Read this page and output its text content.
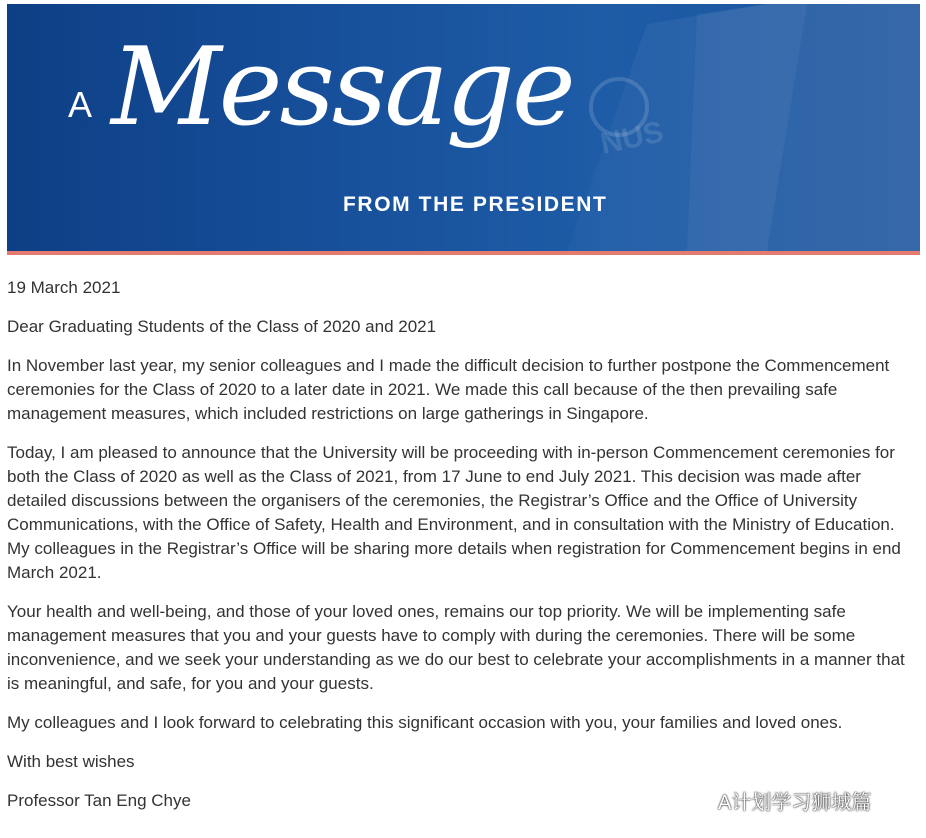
NUS
A Message
FROM THE PRESIDENT

19 March 2021

Dear Graduating Students of the Class of 2020 and 2021

In November last year, my senior colleagues and I made the difficult decision to further postpone the Commencement ceremonies for the Class of 2020 to a later date in 2021. We made this call because of the then prevailing safe management measures, which included restrictions on large gatherings in Singapore.

Today, I am pleased to announce that the University will be proceeding with in-person Commencement ceremonies for both the Class of 2020 as well as the Class of 2021, from 17 June to end July 2021. This decision was made after detailed discussions between the organisers of the ceremonies, the Registrar’s Office and the Office of University Communications, with the Office of Safety, Health and Environment, and in consultation with the Ministry of Education. My colleagues in the Registrar’s Office will be sharing more details when registration for Commencement begins in end March 2021.

Your health and well-being, and those of your loved ones, remains our top priority. We will be implementing safe management measures that you and your guests have to comply with during the ceremonies. There will be some inconvenience, and we seek your understanding as we do our best to celebrate your accomplishments in a manner that is meaningful, and safe, for you and your guests.

My colleagues and I look forward to celebrating this significant occasion with you, your families and loved ones.

With best wishes

Professor Tan Eng Chye	A计划学习狮城篇
